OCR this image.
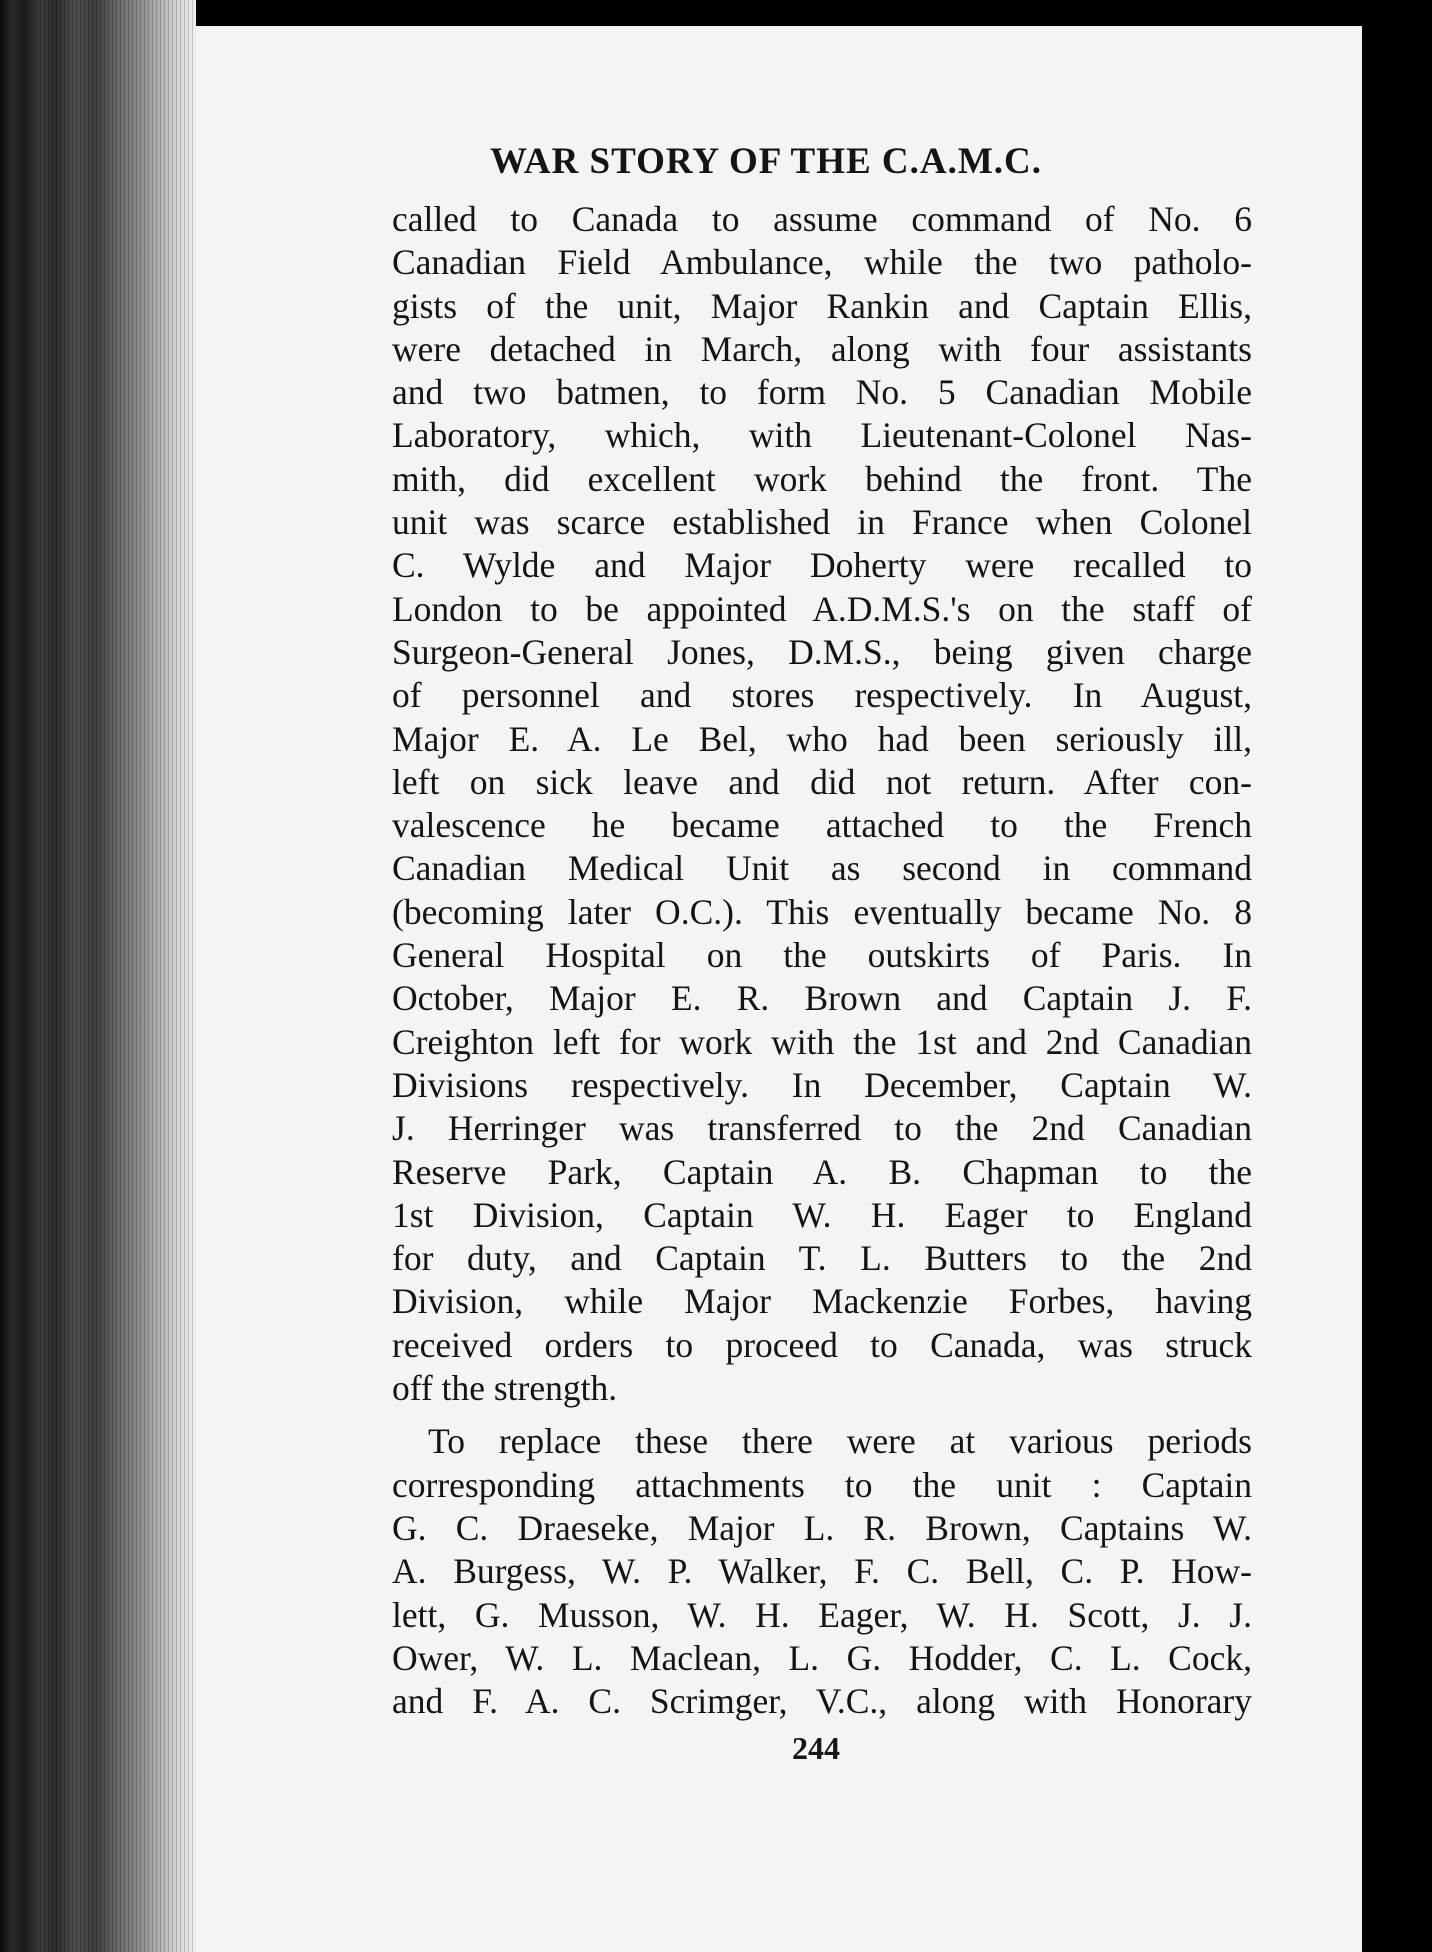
WAR STORY OF THE C.A.M.C.
called to Canada to assume command of No. 6
Canadian Field Ambulance, while the two patholo-
gists of the unit, Major Rankin and Captain Ellis,
were detached in March, along with four assistants
and two batmen, to form No. 5 Canadian Mobile
Laboratory, which, with Lieutenant-Colonel Nas-
mith, did excellent work behind the front. The
unit was scarce established in France when Colonel
C. Wylde and Major Doherty were recalled to
London to be appointed A.D.M.S.'s on the staff of
Surgeon-General Jones, D.M.S., being given charge
of personnel and stores respectively. In August,
Major E. A. Le Bel, who had been seriously ill,
left on sick leave and did not return. After con-
valescence he became attached to the French
Canadian Medical Unit as second in command
(becoming later O.C.). This eventually became No. 8
General Hospital on the outskirts of Paris. In
October, Major E. R. Brown and Captain J. F.
Creighton left for work with the 1st and 2nd Canadian
Divisions respectively. In December, Captain W.
J. Herringer was transferred to the 2nd Canadian
Reserve Park, Captain A. B. Chapman to the
1st Division, Captain W. H. Eager to England
for duty, and Captain T. L. Butters to the 2nd
Division, while Major Mackenzie Forbes, having
received orders to proceed to Canada, was struck
off the strength.
To replace these there were at various periods
corresponding attachments to the unit : Captain
G. C. Draeseke, Major L. R. Brown, Captains W.
A. Burgess, W. P. Walker, F. C. Bell, C. P. How-
lett, G. Musson, W. H. Eager, W. H. Scott, J. J.
Ower, W. L. Maclean, L. G. Hodder, C. L. Cock,
and F. A. C. Scrimger, V.C., along with Honorary
244
